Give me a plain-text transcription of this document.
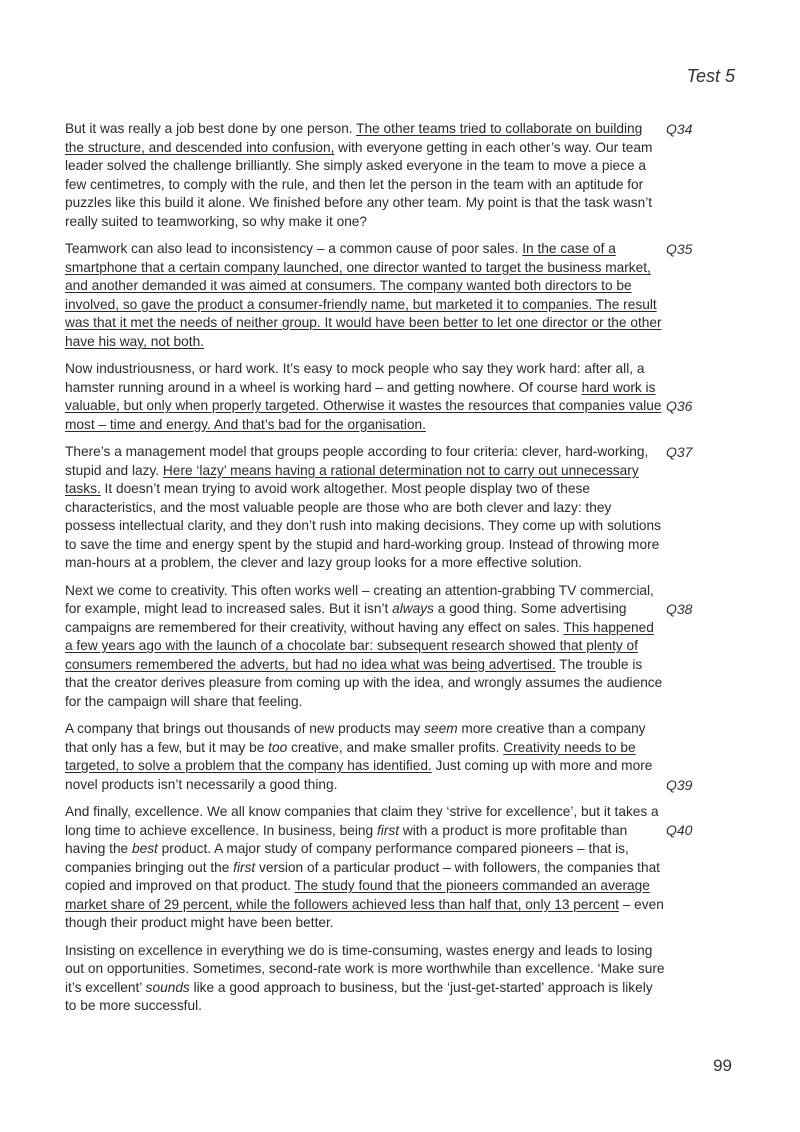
Test 5
But it was really a job best done by one person. The other teams tried to collaborate on building the structure, and descended into confusion, with everyone getting in each other’s way. Our team leader solved the challenge brilliantly. She simply asked everyone in the team to move a piece a few centimetres, to comply with the rule, and then let the person in the team with an aptitude for puzzles like this build it alone. We finished before any other team. My point is that the task wasn’t really suited to teamworking, so why make it one?
Q34
Teamwork can also lead to inconsistency – a common cause of poor sales. In the case of a smartphone that a certain company launched, one director wanted to target the business market, and another demanded it was aimed at consumers. The company wanted both directors to be involved, so gave the product a consumer-friendly name, but marketed it to companies. The result was that it met the needs of neither group. It would have been better to let one director or the other have his way, not both.
Q35
Now industriousness, or hard work. It’s easy to mock people who say they work hard: after all, a hamster running around in a wheel is working hard – and getting nowhere. Of course hard work is valuable, but only when properly targeted. Otherwise it wastes the resources that companies value most – time and energy. And that’s bad for the organisation.
Q36
There’s a management model that groups people according to four criteria: clever, hard-working, stupid and lazy. Here ‘lazy’ means having a rational determination not to carry out unnecessary tasks. It doesn’t mean trying to avoid work altogether. Most people display two of these characteristics, and the most valuable people are those who are both clever and lazy: they possess intellectual clarity, and they don’t rush into making decisions. They come up with solutions to save the time and energy spent by the stupid and hard-working group. Instead of throwing more man-hours at a problem, the clever and lazy group looks for a more effective solution.
Q37
Next we come to creativity. This often works well – creating an attention-grabbing TV commercial, for example, might lead to increased sales. But it isn’t always a good thing. Some advertising campaigns are remembered for their creativity, without having any effect on sales. This happened a few years ago with the launch of a chocolate bar: subsequent research showed that plenty of consumers remembered the adverts, but had no idea what was being advertised. The trouble is that the creator derives pleasure from coming up with the idea, and wrongly assumes the audience for the campaign will share that feeling.
Q38
A company that brings out thousands of new products may seem more creative than a company that only has a few, but it may be too creative, and make smaller profits. Creativity needs to be targeted, to solve a problem that the company has identified. Just coming up with more and more novel products isn’t necessarily a good thing.	Q39
And finally, excellence. We all know companies that claim they ‘strive for excellence’, but it takes a long time to achieve excellence. In business, being first with a product is more profitable than having the best product. A major study of company performance compared pioneers – that is, companies bringing out the first version of a particular product – with followers, the companies that copied and improved on that product. The study found that the pioneers commanded an average market share of 29 percent, while the followers achieved less than half that, only 13 percent – even though their product might have been better.
Q40
Insisting on excellence in everything we do is time-consuming, wastes energy and leads to losing out on opportunities. Sometimes, second-rate work is more worthwhile than excellence. ‘Make sure it’s excellent’ sounds like a good approach to business, but the ‘just-get-started’ approach is likely to be more successful.
99
